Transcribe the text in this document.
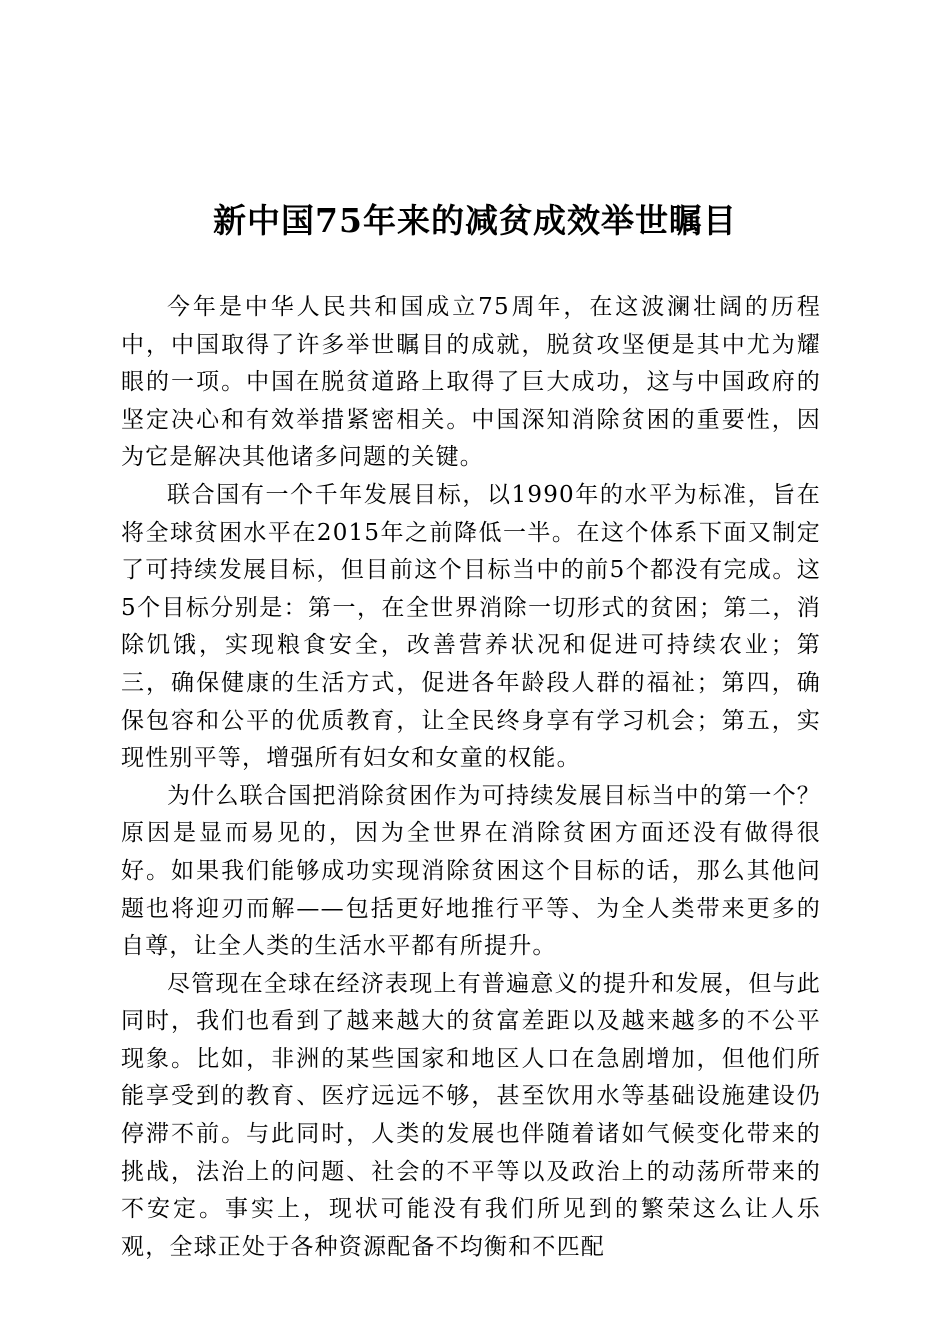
新中国75年来的减贫成效举世瞩目

今年是中华人民共和国成立75周年，在这波澜壮阔的历程中，中国取得了许多举世瞩目的成就，脱贫攻坚便是其中尤为耀眼的一项。中国在脱贫道路上取得了巨大成功，这与中国政府的坚定决心和有效举措紧密相关。中国深知消除贫困的重要性，因为它是解决其他诸多问题的关键。

联合国有一个千年发展目标，以1990年的水平为标准，旨在将全球贫困水平在2015年之前降低一半。在这个体系下面又制定了可持续发展目标，但目前这个目标当中的前5个都没有完成。这5个目标分别是：第一，在全世界消除一切形式的贫困；第二，消除饥饿，实现粮食安全，改善营养状况和促进可持续农业；第三，确保健康的生活方式，促进各年龄段人群的福祉；第四，确保包容和公平的优质教育，让全民终身享有学习机会；第五，实现性别平等，增强所有妇女和女童的权能。

为什么联合国把消除贫困作为可持续发展目标当中的第一个？原因是显而易见的，因为全世界在消除贫困方面还没有做得很好。如果我们能够成功实现消除贫困这个目标的话，那么其他问题也将迎刃而解——包括更好地推行平等、为全人类带来更多的自尊，让全人类的生活水平都有所提升。

尽管现在全球在经济表现上有普遍意义的提升和发展，但与此同时，我们也看到了越来越大的贫富差距以及越来越多的不公平现象。比如，非洲的某些国家和地区人口在急剧增加，但他们所能享受到的教育、医疗远远不够，甚至饮用水等基础设施建设仍停滞不前。与此同时，人类的发展也伴随着诸如气候变化带来的挑战，法治上的问题、社会的不平等以及政治上的动荡所带来的不安定。事实上，现状可能没有我们所见到的繁荣这么让人乐观，全球正处于各种资源配备不均衡和不匹配
